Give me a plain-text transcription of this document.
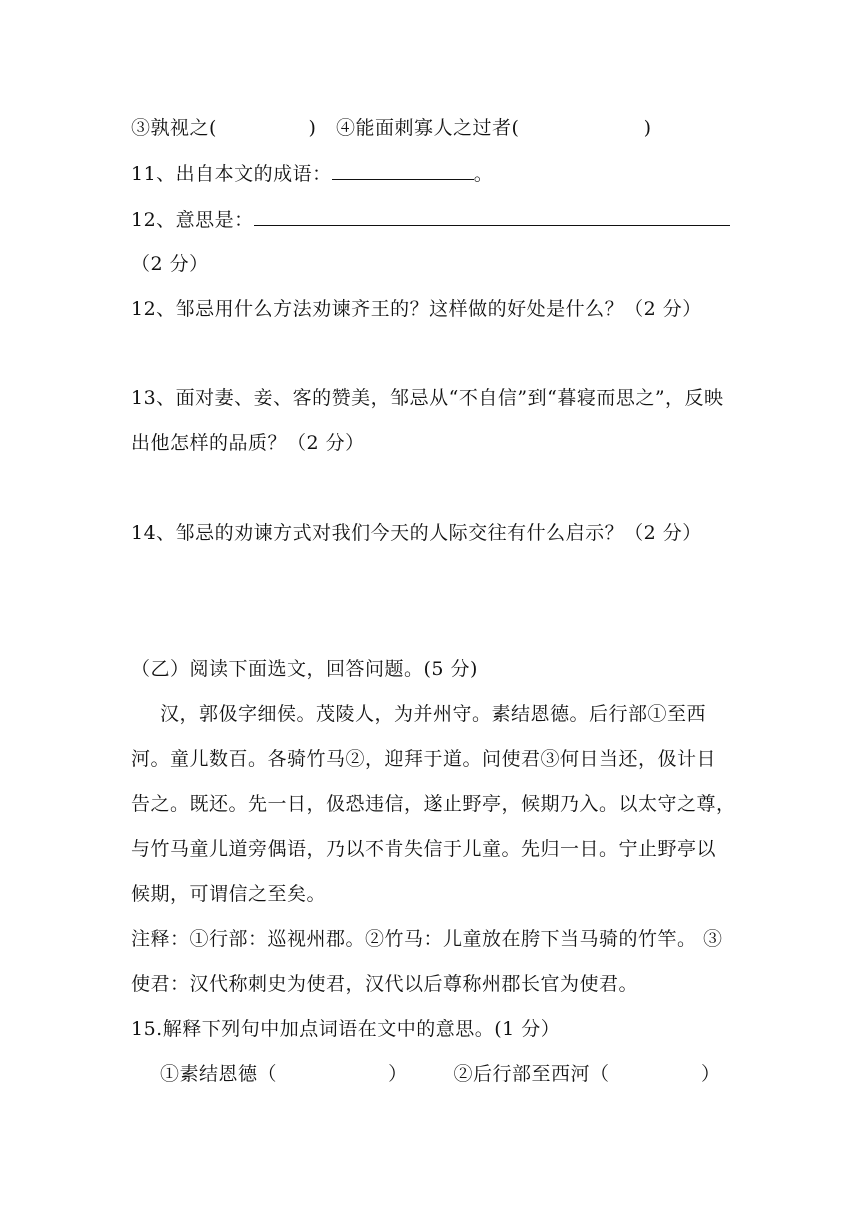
③孰视之(              )   ④能面刺寡人之过者(                   )
11、出自本文的成语：	。
12、意思是：
（2 分）
12、邹忌用什么方法劝谏齐王的？这样做的好处是什么？（2 分）
13、面对妻、妾、客的赞美，邹忌从“不自信”到“暮寝而思之”，反映
出他怎样的品质？（2 分）
14、邹忌的劝谏方式对我们今天的人际交往有什么启示？（2 分）
（乙）阅读下面选文，回答问题。(5 分)
汉，郭伋字细侯。茂陵人，为并州守。素结恩德。后行部①至西
河。童儿数百。各骑竹马②，迎拜于道。问使君③何日当还，伋计日
告之。既还。先一日，伋恐违信，遂止野亭，候期乃入。以太守之尊，
与竹马童儿道旁偶语，乃以不肯失信于儿童。先归一日。宁止野亭以
候期，可谓信之至矣。
注释：①行部：巡视州郡。②竹马：儿童放在胯下当马骑的竹竿。 ③
使君：汉代称刺史为使君，汉代以后尊称州郡长官为使君。
15.解释下列句中加点词语在文中的意思。(1 分）
①素结恩德（                 ）       ②后行部至西河（              ）
